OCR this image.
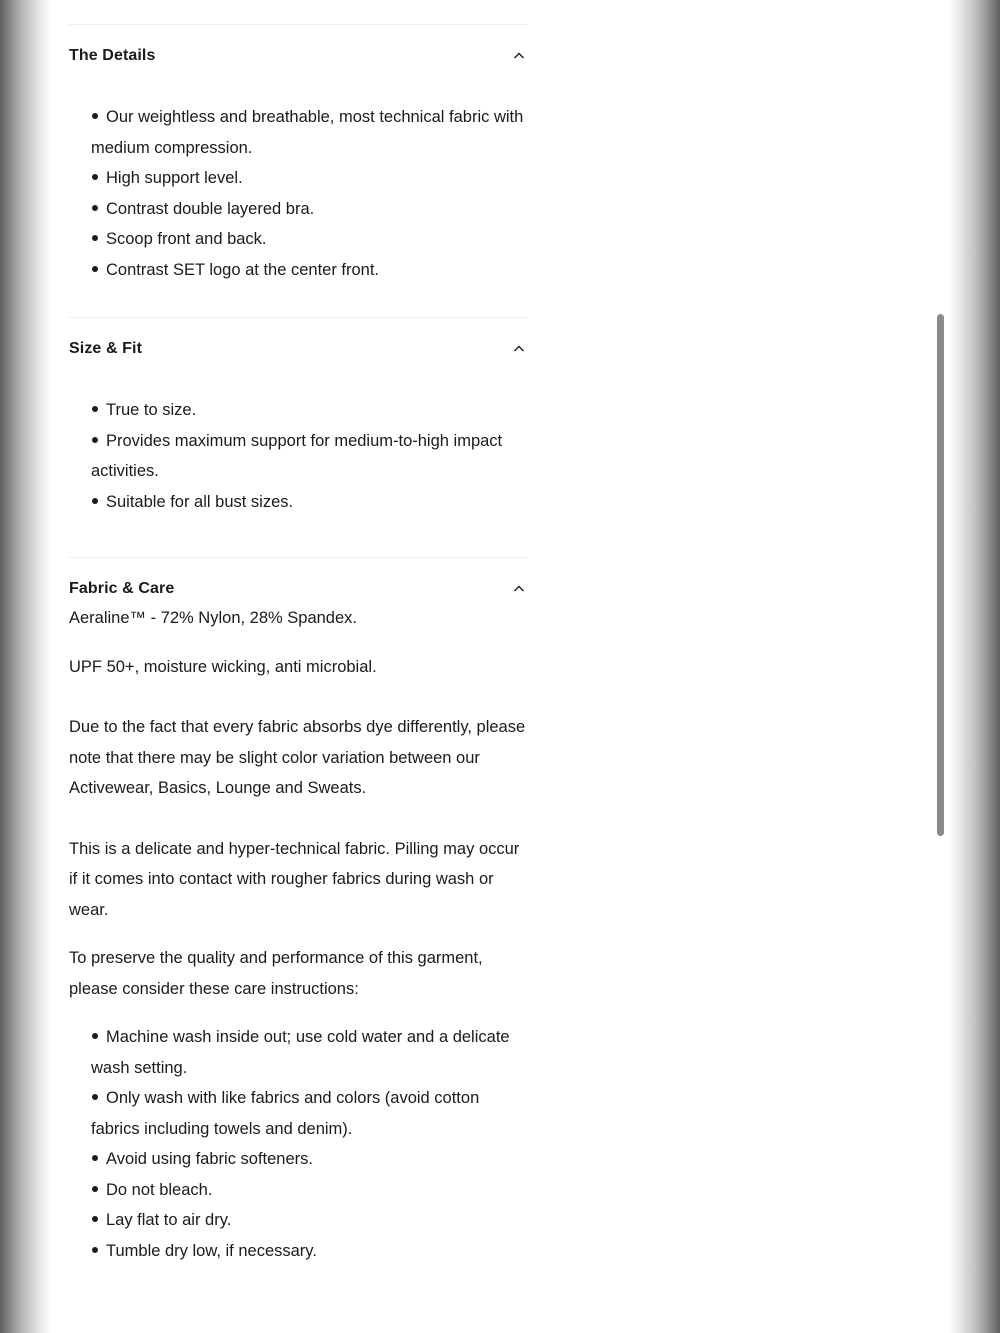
The Details
Our weightless and breathable, most technical fabric with medium compression.
High support level.
Contrast double layered bra.
Scoop front and back.
Contrast SET logo at the center front.
Size & Fit
True to size.
Provides maximum support for medium-to-high impact activities.
Suitable for all bust sizes.
Fabric & Care

Aeraline™ - 72% Nylon, 28% Spandex.

UPF 50+, moisture wicking, anti microbial.

Due to the fact that every fabric absorbs dye differently, please note that there may be slight color variation between our Activewear, Basics, Lounge and Sweats.

This is a delicate and hyper-technical fabric. Pilling may occur if it comes into contact with rougher fabrics during wash or wear.

To preserve the quality and performance of this garment, please consider these care instructions:

Machine wash inside out; use cold water and a delicate wash setting.
Only wash with like fabrics and colors (avoid cotton fabrics including towels and denim).
Avoid using fabric softeners.
Do not bleach.
Lay flat to air dry.
Tumble dry low, if necessary.
